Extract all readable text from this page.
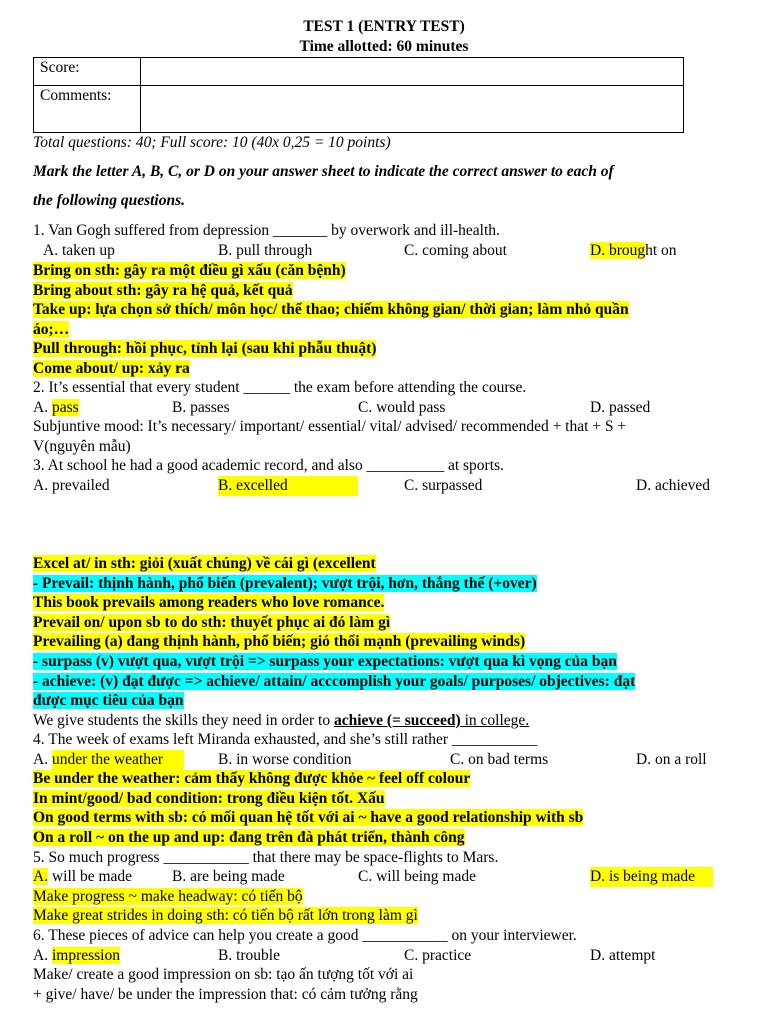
TEST 1 (ENTRY TEST)
Time allotted: 60 minutes
Score:	
Comments:	
Total questions: 40; Full score: 10 (40x 0,25 = 10 points)
Mark the letter A, B, C, or D on your answer sheet to indicate the correct answer to each of
the following questions.
1. Van Gogh suffered from depression _______ by overwork and ill-health.
A. taken up	B. pull through	C. coming about	D. brought on
Bring on sth: gây ra một điều gì xấu (căn bệnh)
Bring about sth: gây ra hệ quả, kết quả
Take up: lựa chọn sở thích/ môn học/ thể thao; chiếm không gian/ thời gian; làm nhỏ quần
áo;…
Pull through: hồi phục, tỉnh lại (sau khi phẫu thuật)
Come about/ up: xảy ra
2. It’s essential that every student ______ the exam before attending the course.
A. pass	B. passes	C. would pass	D. passed
Subjuntive mood: It’s necessary/ important/ essential/ vital/ advised/ recommended + that + S +
V(nguyên mẫu)
3. At school he had a good academic record, and also __________ at sports.
A. prevailed	B. excelled	C. surpassed	D. achieved
Excel at/ in sth: giỏi (xuất chúng) về cái gì (excellent
- Prevail: thịnh hành, phổ biến (prevalent); vượt trội, hơn, thắng thế (+over)
This book prevails among readers who love romance.
Prevail on/ upon sb to do sth: thuyết phục ai đó làm gì
Prevailing (a) đang thịnh hành, phổ biến; gió thổi mạnh (prevailing winds)
- surpass (v) vượt qua, vượt trội => surpass your expectations: vượt qua kì vọng của bạn
- achieve: (v) đạt được => achieve/ attain/ acccomplish your goals/ purposes/ objectives: đạt
được mục tiêu của bạn
We give students the skills they need in order to achieve (= succeed) in college.
4. The week of exams left Miranda exhausted, and she’s still rather ___________
A. under the weather	B. in worse condition	C. on bad terms	D. on a roll
Be under the weather: cảm thấy không được khỏe ~ feel off colour
In mint/good/ bad condition: trong điều kiện tốt. Xấu
On good terms with sb: có mối quan hệ tốt với ai ~ have a good relationship with sb
On a roll ~ on the up and up: đang trên đà phát triển, thành công
5. So much progress ___________ that there may be space-flights to Mars.
A. will be made	B. are being made	C. will being made	D. is being made
Make progress ~ make headway: có tiến bộ
Make great strides in doing sth: có tiến bộ rất lớn trong làm gì
6. These pieces of advice can help you create a good ___________ on your interviewer.
A. impression	B. trouble	C. practice	D. attempt
Make/ create a good impression on sb: tạo ấn tượng tốt với ai
+ give/ have/ be under the impression that: có cảm tưởng rằng
